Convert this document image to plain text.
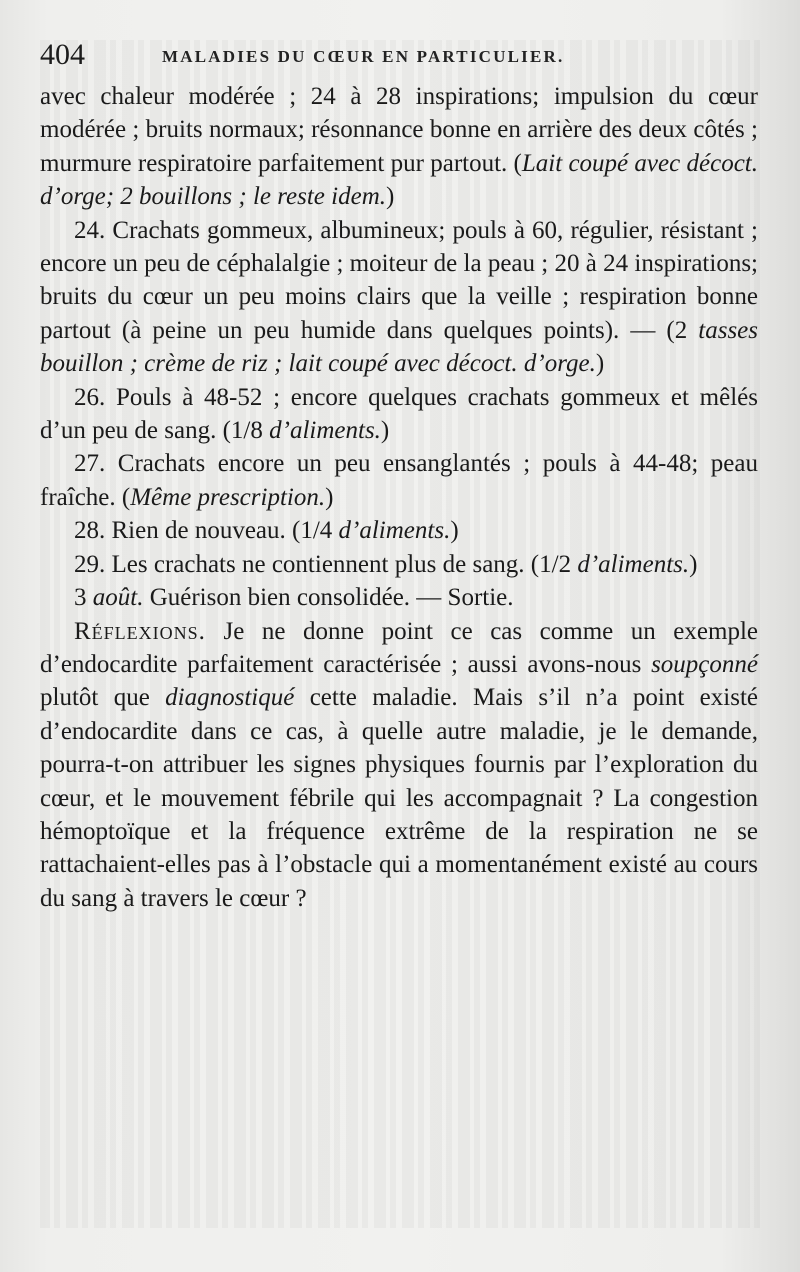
404	MALADIES DU CŒUR EN PARTICULIER.

avec chaleur modérée ; 24 à 28 inspirations; impulsion du cœur modérée ; bruits normaux; résonnance bonne en arrière des deux côtés ; murmure respiratoire parfaitement pur partout. (Lait coupé avec décoct. d’orge; 2 bouillons ; le reste idem.)

24. Crachats gommeux, albumineux; pouls à 60, régulier, résistant ; encore un peu de céphalalgie ; moiteur de la peau ; 20 à 24 inspirations; bruits du cœur un peu moins clairs que la veille ; respiration bonne partout (à peine un peu humide dans quelques points). — (2 tasses bouillon ; crème de riz ; lait coupé avec décoct. d’orge.)

26. Pouls à 48-52 ; encore quelques crachats gommeux et mêlés d’un peu de sang. (1/8 d’aliments.)

27. Crachats encore un peu ensanglantés ; pouls à 44-48; peau fraîche. (Même prescription.)

28. Rien de nouveau. (1/4 d’aliments.)

29. Les crachats ne contiennent plus de sang. (1/2 d’aliments.)

3 août. Guérison bien consolidée. — Sortie.

Réflexions. Je ne donne point ce cas comme un exemple d’endocardite parfaitement caractérisée ; aussi avons-nous soupçonné plutôt que diagnostiqué cette maladie. Mais s’il n’a point existé d’endocardite dans ce cas, à quelle autre maladie, je le demande, pourra-t-on attribuer les signes physiques fournis par l’exploration du cœur, et le mouvement fébrile qui les accompagnait ? La congestion hémoptoïque et la fréquence extrême de la respiration ne se rattachaient-elles pas à l’obstacle qui a momentanément existé au cours du sang à travers le cœur ?
